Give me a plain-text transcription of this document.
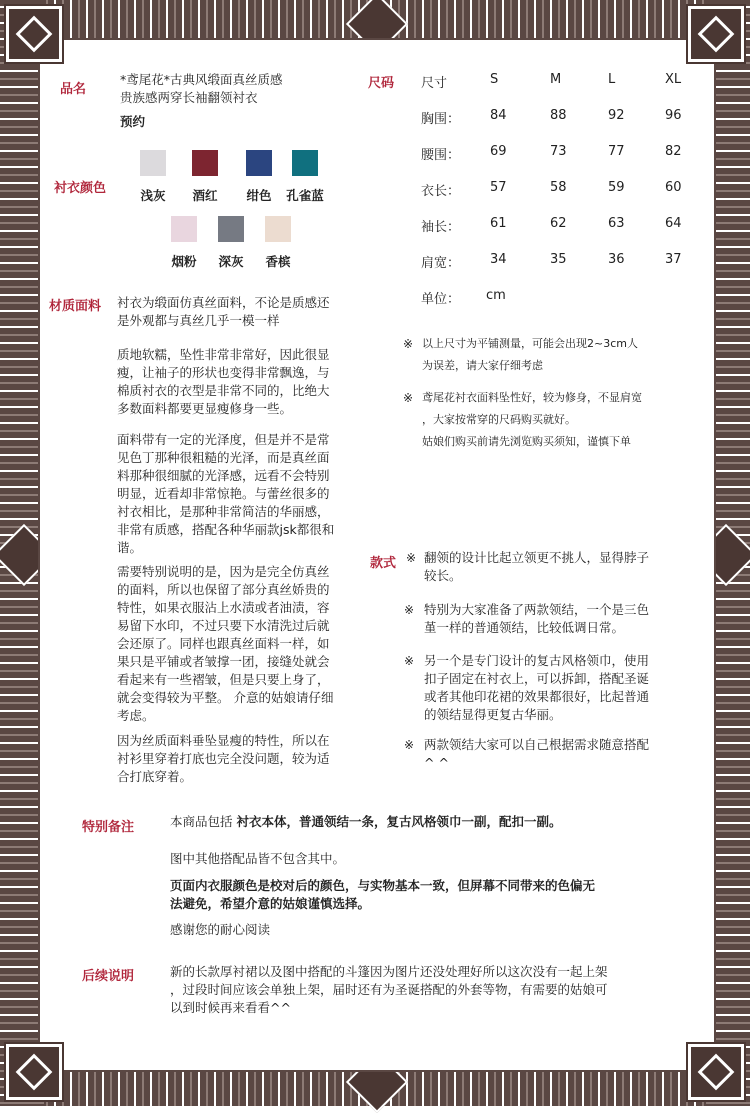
品名
*鸢尾花*古典风缎面真丝质感
贵族感两穿长袖翻领衬衣
预约
衬衣颜色	浅灰	酒红	绀色	孔雀蓝
烟粉	深灰	香槟
尺码 尺寸	S	M	L	XL
胸围： 84	88	92	96
腰围： 69	73	77	82
衣长： 57	58	59	60
袖长： 61	62	63	64
肩宽： 34	35	36	37
单位： cm
※ 以上尺寸为平铺测量，可能会出现2~3cm人
为误差，请大家仔细考虑
※ 鸢尾花衬衣面料坠性好，较为修身，不显肩宽
，大家按常穿的尺码购买就好。
姑娘们购买前请先浏览购买须知，谨慎下单
材质面料 衬衣为缎面仿真丝面料，不论是质感还
是外观都与真丝几乎一模一样
质地软糯，坠性非常非常好，因此很显
瘦，让袖子的形状也变得非常飘逸，与
棉质衬衣的衣型是非常不同的，比绝大
多数面料都要更显瘦修身一些。
面料带有一定的光泽度，但是并不是常
见色丁那种很粗糙的光泽，而是真丝面
料那种很细腻的光泽感，远看不会特别
明显，近看却非常惊艳。与蕾丝很多的
衬衣相比，是那种非常简洁的华丽感，
非常有质感，搭配各种华丽款jsk都很和
谐。
需要特别说明的是，因为是完全仿真丝
的面料，所以也保留了部分真丝娇贵的
特性，如果衣服沾上水渍或者油渍，容
易留下水印，不过只要下水清洗过后就
会还原了。同样也跟真丝面料一样，如
果只是平铺或者皱撑一团，接缝处就会
看起来有一些褶皱，但是只要上身了，
就会变得较为平整。 介意的姑娘请仔细
考虑。
因为丝质面料垂坠显瘦的特性，所以在
衬衫里穿着打底也完全没问题，较为适
合打底穿着。
款式 ※ 翻领的设计比起立领更不挑人，显得脖子
较长。
※ 特别为大家准备了两款领结，一个是三色
堇一样的普通领结，比较低调日常。
※ 另一个是专门设计的复古风格领巾，使用
扣子固定在衬衣上，可以拆卸，搭配圣诞
或者其他印花裙的效果都很好，比起普通
的领结显得更复古华丽。
※ 两款领结大家可以自己根据需求随意搭配
^ ^
特别备注	本商品包括 衬衣本体，普通领结一条，复古风格领巾一副，配扣一副。
图中其他搭配品皆不包含其中。
页面内衣服颜色是校对后的颜色，与实物基本一致，但屏幕不同带来的色偏无
法避免，希望介意的姑娘谨慎选择。
感谢您的耐心阅读
后续说明	新的长款厚衬裙以及图中搭配的斗篷因为图片还没处理好所以这次没有一起上架
，过段时间应该会单独上架，届时还有为圣诞搭配的外套等物，有需要的姑娘可
以到时候再来看看^^
